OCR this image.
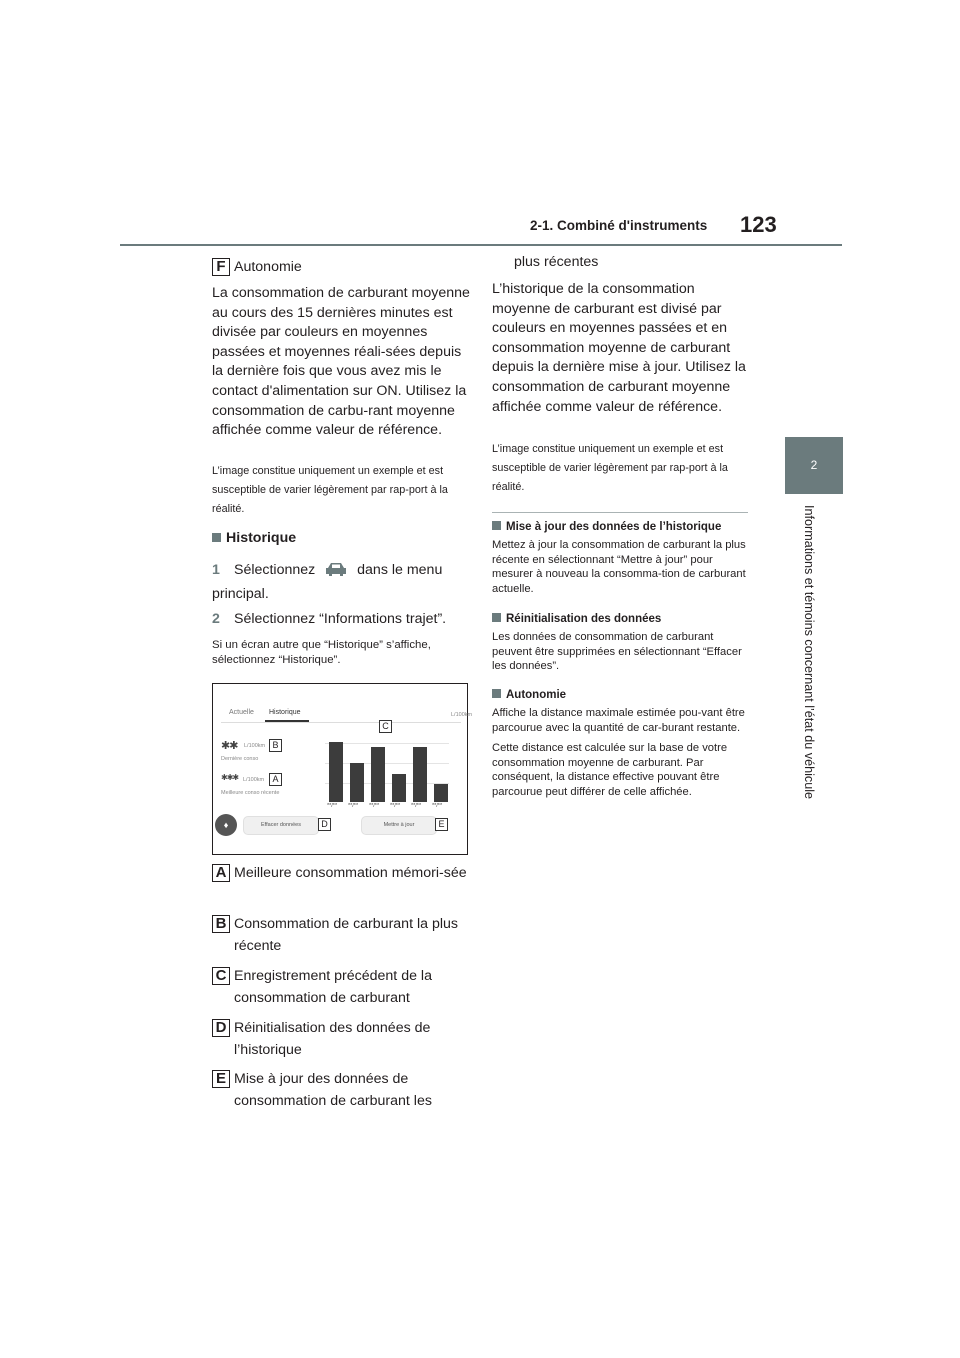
2-1. Combiné d'instruments 123
2
Informations et témoins concernant l’état du véhicule
F Autonomie
La consommation de carburant moyenne au cours des 15 dernières minutes est divisée par couleurs en moyennes passées et moyennes réali-sées depuis la dernière fois que vous avez mis le contact d'alimentation sur ON. Utilisez la consommation de carbu-rant moyenne affichée comme valeur de référence.
L’image constitue uniquement un exemple et est susceptible de varier légèrement par rap-port à la réalité.
Historique
1 Sélectionnez	dans le menu principal.
2 Sélectionnez “Informations trajet”.
Si un écran autre que “Historique” s’affiche, sélectionnez “Historique”.
Actuelle Historique	L/100km
C
✱✱ L/100km B
Dernière conso
✱✱✱ L/100km A
Meilleure conso récente
**/** **/** **/** **/** **/** **/**
♦	Effacer données	D	Mettre à jour	E
A Meilleure consommation mémori-sée
B Consommation de carburant la plus récente
C Enregistrement précédent de la consommation de carburant
D Réinitialisation des données de l’historique
E Mise à jour des données de consommation de carburant les
plus récentes
L’historique de la consommation moyenne de carburant est divisé par couleurs en moyennes passées et en consommation moyenne de carburant depuis la dernière mise à jour. Utilisez la consommation de carburant moyenne affichée comme valeur de référence.
L’image constitue uniquement un exemple et est susceptible de varier légèrement par rap-port à la réalité.
Mise à jour des données de l’historique
Mettez à jour la consommation de carburant la plus récente en sélectionnant “Mettre à jour” pour mesurer à nouveau la consomma-tion de carburant actuelle.
Réinitialisation des données
Les données de consommation de carburant peuvent être supprimées en sélectionnant “Effacer les données”.
Autonomie
Affiche la distance maximale estimée pou-vant être parcourue avec la quantité de car-burant restante.
Cette distance est calculée sur la base de votre consommation moyenne de carburant. Par conséquent, la distance effective pouvant être parcourue peut différer de celle affichée.
